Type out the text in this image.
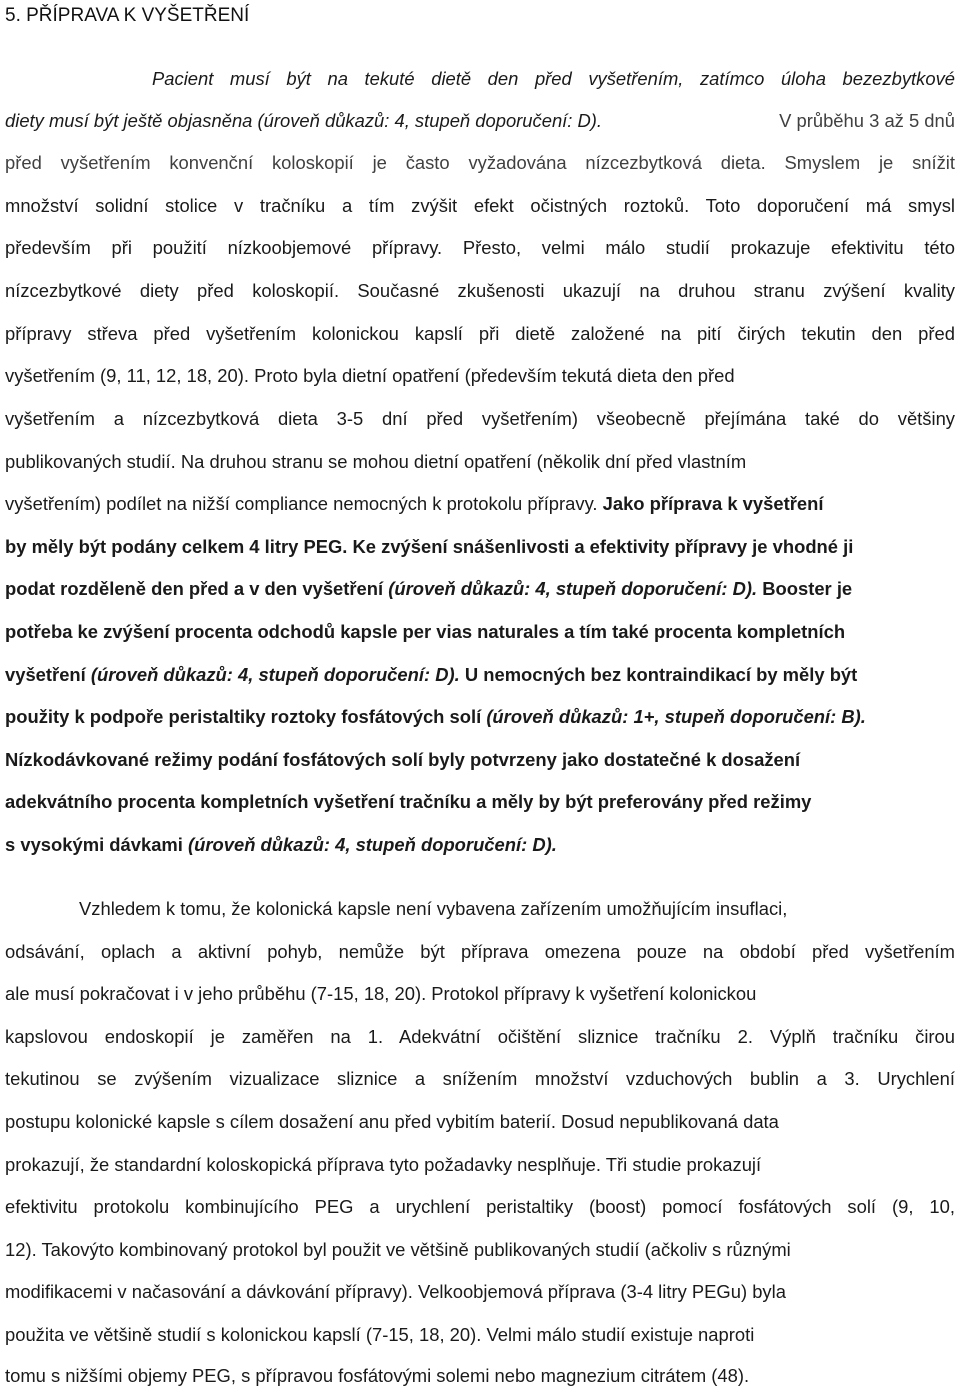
5. PŘÍPRAVA K VYŠETŘENÍ
Pacient musí být na tekuté dietě den před vyšetřením, zatímco úloha bezezbytkové
diety musí být ještě objasněna (úroveň důkazů: 4, stupeň doporučení: D).	V průběhu 3 až 5 dnů
před vyšetřením konvenční koloskopií je často vyžadována nízcezbytková dieta. Smyslem je snížit
množství solidní stolice v tračníku a tím zvýšit efekt očistných roztoků. Toto doporučení má smysl
především při použití nízkoobjemové přípravy. Přesto, velmi málo studií prokazuje efektivitu této
nízcezbytkové diety před koloskopií. Současné zkušenosti ukazují na druhou stranu zvýšení kvality
přípravy střeva před vyšetřením kolonickou kapslí při dietě založené na pití čirých tekutin den před
vyšetřením (9, 11, 12, 18, 20). Proto byla dietní opatření (především tekutá dieta den před
vyšetřením a nízcezbytková dieta 3-5 dní před vyšetřením) všeobecně přejímána také do většiny
publikovaných studií. Na druhou stranu se mohou dietní opatření (několik dní před vlastním
vyšetřením) podílet na nižší compliance nemocných k protokolu přípravy. Jako příprava k vyšetření
by měly být podány celkem 4 litry PEG. Ke zvýšení snášenlivosti a efektivity přípravy je vhodné ji
podat rozděleně den před a v den vyšetření (úroveň důkazů: 4, stupeň doporučení: D). Booster je
potřeba ke zvýšení procenta odchodů kapsle per vias naturales a tím také procenta kompletních
vyšetření (úroveň důkazů: 4, stupeň doporučení: D). U nemocných bez kontraindikací by měly být
použity k podpoře peristaltiky roztoky fosfátových solí (úroveň důkazů: 1+, stupeň doporučení: B).
Nízkodávkované režimy podání fosfátových solí byly potvrzeny jako dostatečné k dosažení
adekvátního procenta kompletních vyšetření tračníku a měly by být preferovány před režimy
s vysokými dávkami (úroveň důkazů: 4, stupeň doporučení: D).
Vzhledem k tomu, že kolonická kapsle není vybavena zařízením umožňujícím insuflaci,
odsávání, oplach a aktivní pohyb, nemůže být příprava omezena pouze na období před vyšetřením
ale musí pokračovat i v jeho průběhu (7-15, 18, 20). Protokol přípravy k vyšetření kolonickou
kapslovou endoskopií je zaměřen na 1. Adekvátní očištění sliznice tračníku 2. Výplň tračníku čirou
tekutinou se zvýšením vizualizace sliznice a snížením množství vzduchových bublin a 3. Urychlení
postupu kolonické kapsle s cílem dosažení anu před vybitím baterií. Dosud nepublikovaná data
prokazují, že standardní koloskopická příprava tyto požadavky nesplňuje. Tři studie prokazují
efektivitu protokolu kombinujícího PEG a urychlení peristaltiky (boost) pomocí fosfátových solí (9, 10,
12). Takovýto kombinovaný protokol byl použit ve většině publikovaných studií (ačkoliv s různými
modifikacemi v načasování a dávkování přípravy). Velkoobjemová příprava (3-4 litry PEGu) byla
použita ve většině studií s kolonickou kapslí (7-15, 18, 20). Velmi málo studií existuje naproti
tomu s nižšími objemy PEG, s přípravou fosfátovými solemi nebo magnezium citrátem (48).
